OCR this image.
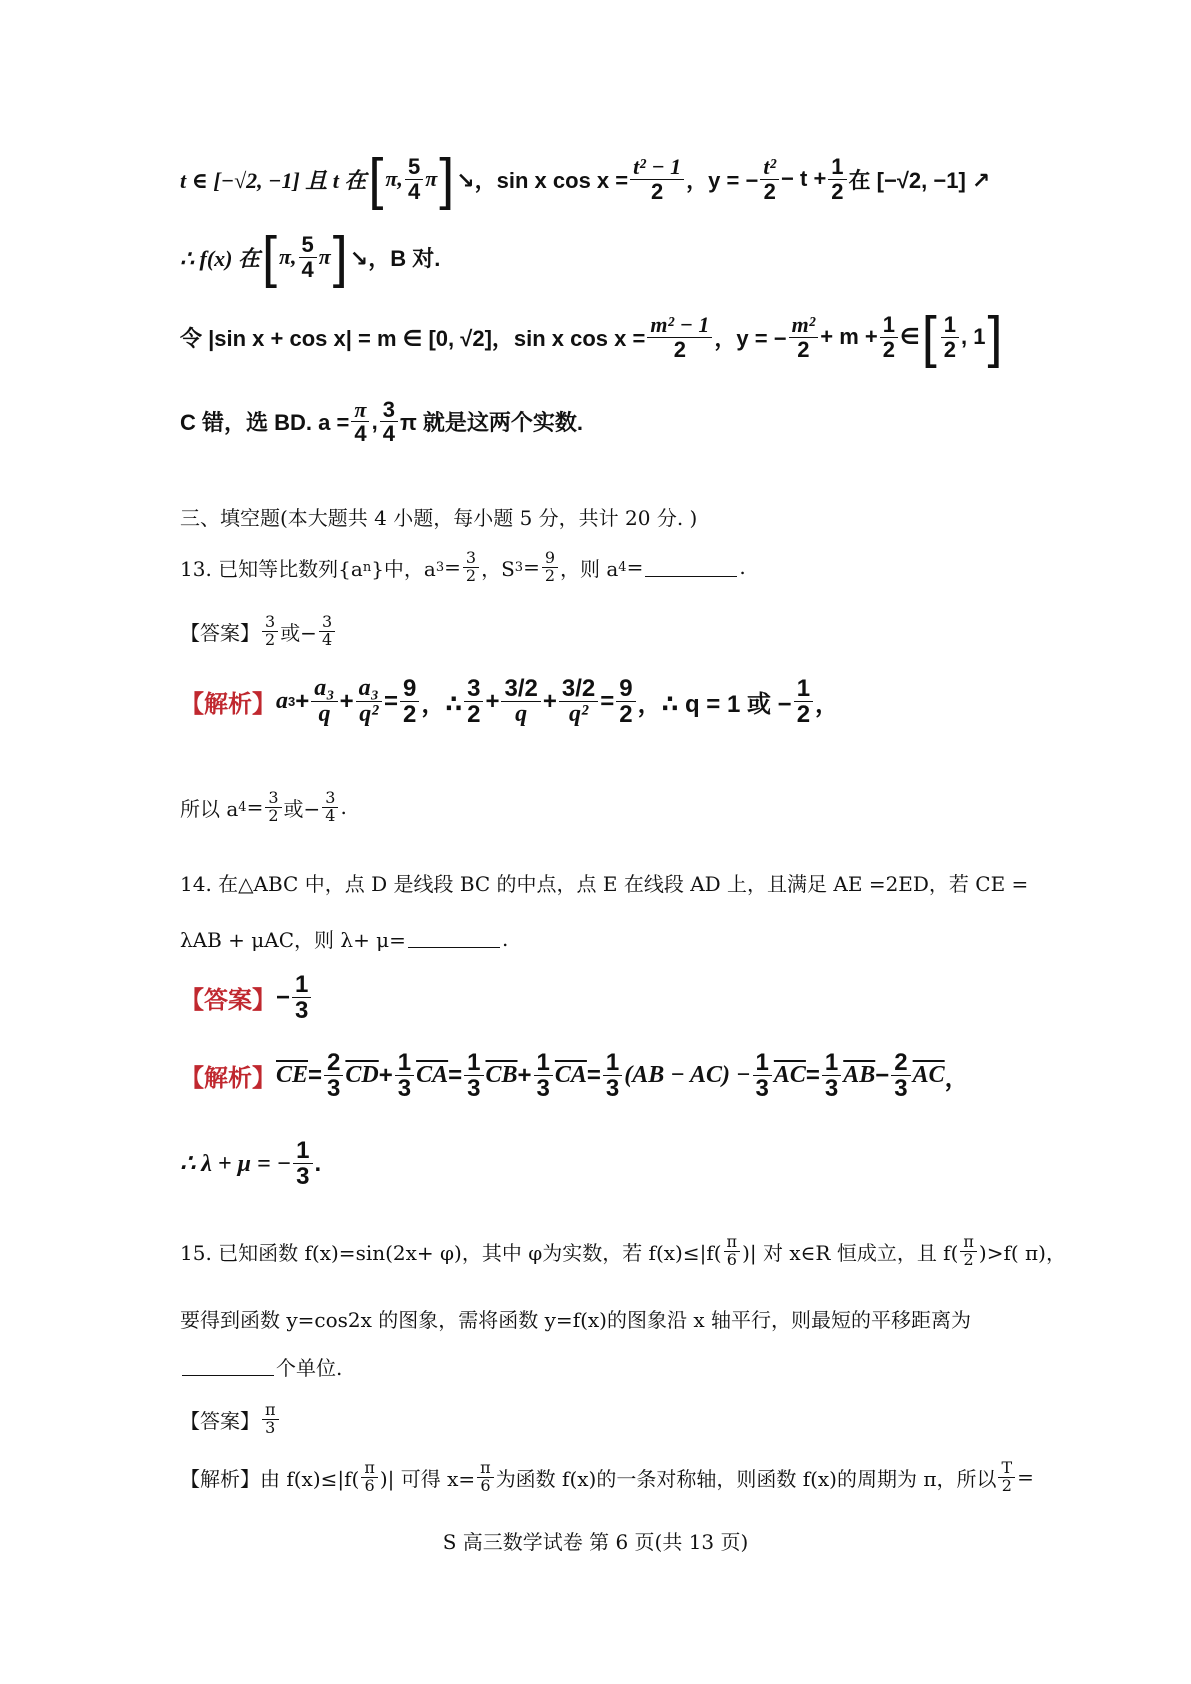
t ∈ [−√2, −1] 且 t 在 [ π, $\frac{5}{4}$ π ] ↘，sin x $\cos x = \frac{\text{t² − 1}}{2}$ ，y = − $\frac{\text{t²}}{2} - t + \frac{1}{2}$ 在 [−√2, −1] ↗
∴ f(x) 在 [ π, $\frac{5}{4}$ π ] ↘，B 对.
令 |sin x + cos x| = m ∈ [0, √2]，sin x $\cos x = \frac{\text{m² − 1}}{2}$ ，y = − $\frac{\text{m²}}{2} + m + \frac{1}{2}$ ∈ [ $\frac{1}{2}$ , 1 ]
C 错，选 BD. $a = \frac{\pi}{4}$ , $\frac{3}{4}$ π 就是这两个实数.
三、填空题(本大题共 4 小题，每小题 5 分，共计 20 分. )
13. 已知等比数列{a n }中，a $3 = \frac{3}{2}$ ，S $3 = \frac{9}{2}$ ，则 a 4 =	.
【答案】 $\frac{3}{2}$ 或− $\frac{3}{4}$
【解析】 a $3 + \frac{\text{a₃}}{q} + \frac{\text{a₃}}{\text{q²}} = \frac{9}{2}$ ，∴ $\frac{3}{2} + \frac{3/2}{q} + \frac{3/2}{\text{q²}} = \frac{9}{2}$ ，∴ q = 1 或 − $\frac{1}{2}$ ，
所以 a $4 = \frac{3}{2}$ 或− $\frac{3}{4}$ .
14. 在△ABC 中，点 D 是线段 BC 的中点，点 E 在线段 AD 上，且满足 AE =2ED，若 CE =
λAB + μAC，则 λ+ μ=	.
【答案】 − $\frac{1}{3}$
【解析】 $\overline{CE} = \frac{2}{3} \overline{CD} + \frac{1}{3} \overline{CA} = \frac{1}{3} \overline{CB} + \frac{1}{3} \overline{CA} = \frac{1}{3} (AB - AC) - \frac{1}{3} \overline{AC} = \frac{1}{3} \overline{AB} - \frac{2}{3} \overline{AC}$ ，
∴ λ + μ = − $\frac{1}{3}$ .
15. 已知函数 f(x)=sin(2x+ φ)，其中 φ为实数，若 $f(x)\le|f( \frac{\pi}{6}$ )| 对 x∈R 恒成立，且 $f( \frac{\pi}{2} )>f$( π)，
要得到函数 y=cos2x 的图象，需将函数 y=f(x)的图象沿 x 轴平行，则最短的平移距离为
个单位.
【答案】 $\frac{\pi}{3}$
【解析】 由 $f(x)\le|f( \frac{\pi}{6}$ )| 可得 $x= \frac{\pi}{6}$ 为函数 f(x)的一条对称轴，则函数 f(x)的周期为 π，所以 $\frac{T}{2}$ =
S 高三数学试卷 第 6 页(共 13 页)
